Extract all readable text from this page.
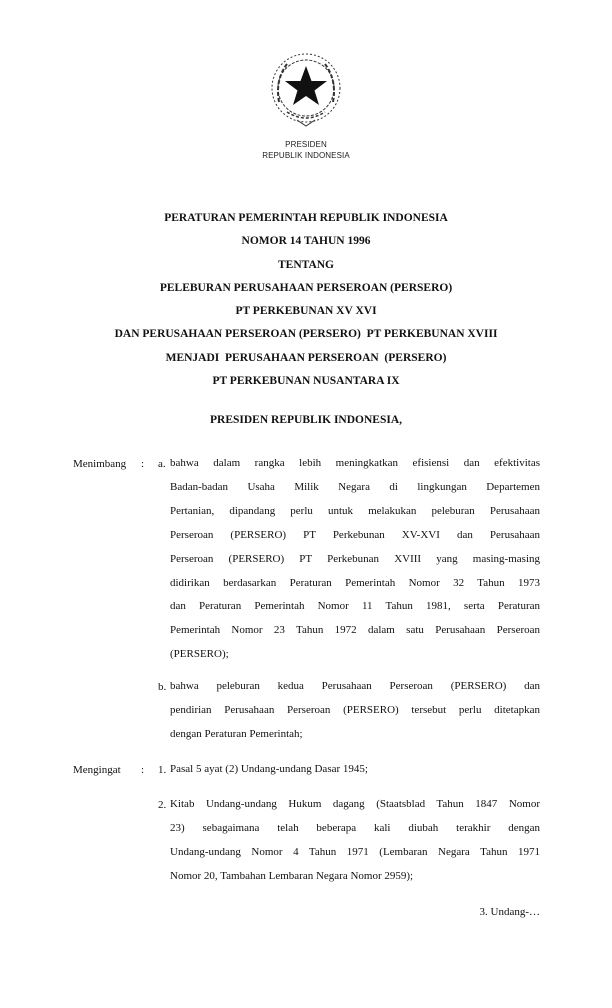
PRESIDEN
REPUBLIK INDONESIA
PERATURAN PEMERINTAH REPUBLIK INDONESIA
NOMOR 14 TAHUN 1996
TENTANG
PELEBURAN PERUSAHAAN PERSEROAN (PERSERO)
PT PERKEBUNAN XV XVI
DAN PERUSAHAAN PERSEROAN (PERSERO)  PT PERKEBUNAN XVIII
MENJADI  PERUSAHAAN PERSEROAN  (PERSERO)
PT PERKEBUNAN NUSANTARA IX
PRESIDEN REPUBLIK INDONESIA,
Menimbang : a. bahwa dalam rangka lebih meningkatkan efisiensi dan efektivitas
Badan-badan Usaha Milik Negara di lingkungan Departemen
Pertanian, dipandang perlu untuk melakukan peleburan Perusahaan
Perseroan (PERSERO) PT Perkebunan XV-XVI dan Perusahaan
Perseroan (PERSERO) PT Perkebunan XVIII yang masing-masing
didirikan berdasarkan Peraturan Pemerintah Nomor 32 Tahun 1973
dan Peraturan Pemerintah Nomor 11 Tahun 1981, serta Peraturan
Pemerintah Nomor 23 Tahun 1972 dalam satu Perusahaan Perseroan
(PERSERO);
b. bahwa peleburan kedua Perusahaan Perseroan (PERSERO) dan
pendirian Perusahaan Perseroan (PERSERO) tersebut perlu ditetapkan
dengan Peraturan Pemerintah;
Mengingat : 1. Pasal 5 ayat (2) Undang-undang Dasar 1945;
2. Kitab Undang-undang Hukum dagang (Staatsblad Tahun 1847 Nomor
23) sebagaimana telah beberapa kali diubah terakhir dengan
Undang-undang Nomor 4 Tahun 1971 (Lembaran Negara Tahun 1971
Nomor 20, Tambahan Lembaran Negara Nomor 2959);
3. Undang-…
